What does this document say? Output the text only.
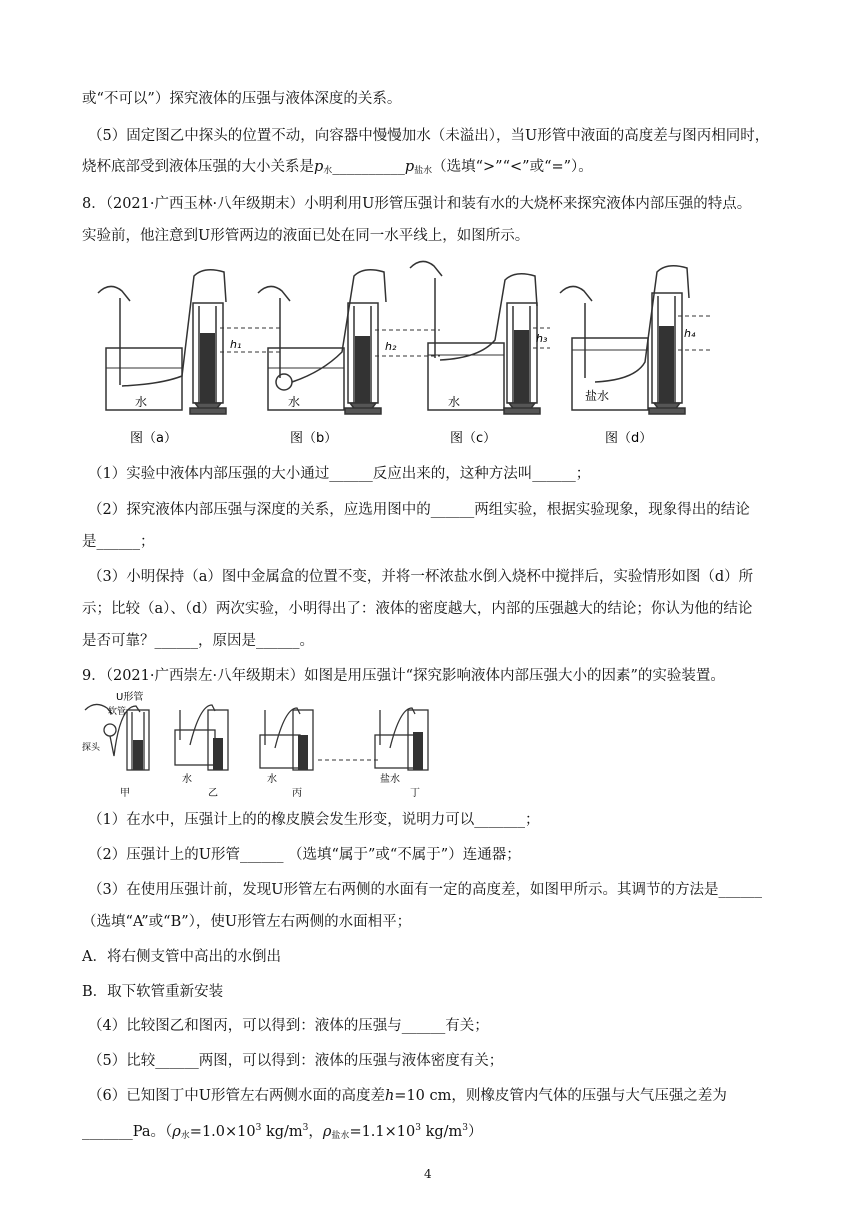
或“不可以”）探究液体的压强与液体深度的关系。
（5）固定图乙中探头的位置不动，向容器中慢慢加水（未溢出），当U形管中液面的高度差与图丙相同时，
烧杯底部受到液体压强的大小关系是$p_水\_\_\_\_\_\_\_\_\_\_p_{盐水}$（选填“>”“<”或“=”）。
8．（2021·广西玉林·八年级期末）小明利用U形管压强计和装有水的大烧杯来探究液体内部压强的特点。
实验前，他注意到U形管两边的液面已处在同一水平线上，如图所示。
h₁	h₂
h₃	h₄
水	水	水	盐水
图（a）	图（b）	图（c）	图（d）
（1）实验中液体内部压强的大小通过______反应出来的，这种方法叫______；
（2）探究液体内部压强与深度的关系，应选用图中的______两组实验，根据实验现象，现象得出的结论
是______；
（3）小明保持（a）图中金属盒的位置不变，并将一杯浓盐水倒入烧杯中搅拌后，实验情形如图（d）所
示；比较（a）、（d）两次实验，小明得出了：液体的密度越大，内部的压强越大的结论；你认为他的结论
是否可靠？______，原因是______。
9．（2021·广西崇左·八年级期末）如图是用压强计“探究影响液体内部压强大小的因素”的实验装置。
U形管
软管
探头
水	水	盐水
甲	乙	丙	丁
（1）在水中，压强计上的的橡皮膜会发生形变，说明力可以_______；
（2）压强计上的U形管______ （选填“属于”或“不属于”）连通器；
（3）在使用压强计前，发现U形管左右两侧的水面有一定的高度差，如图甲所示。其调节的方法是______
（选填“A”或“B”），使U形管左右两侧的水面相平；
A．将右侧支管中高出的水倒出
B．取下软管重新安装
（4）比较图乙和图丙，可以得到：液体的压强与______有关；
（5）比较______两图，可以得到：液体的压强与液体密度有关；
（6）已知图丁中U形管左右两侧水面的高度差h=10 cm，则橡皮管内气体的压强与大气压强之差为
_______Pa。（$\rho_水=1.0\times 10^3$ $kg/m^3$，$\rho_{盐水}=1.1\times 10^3$ $kg/m^3$）
4
